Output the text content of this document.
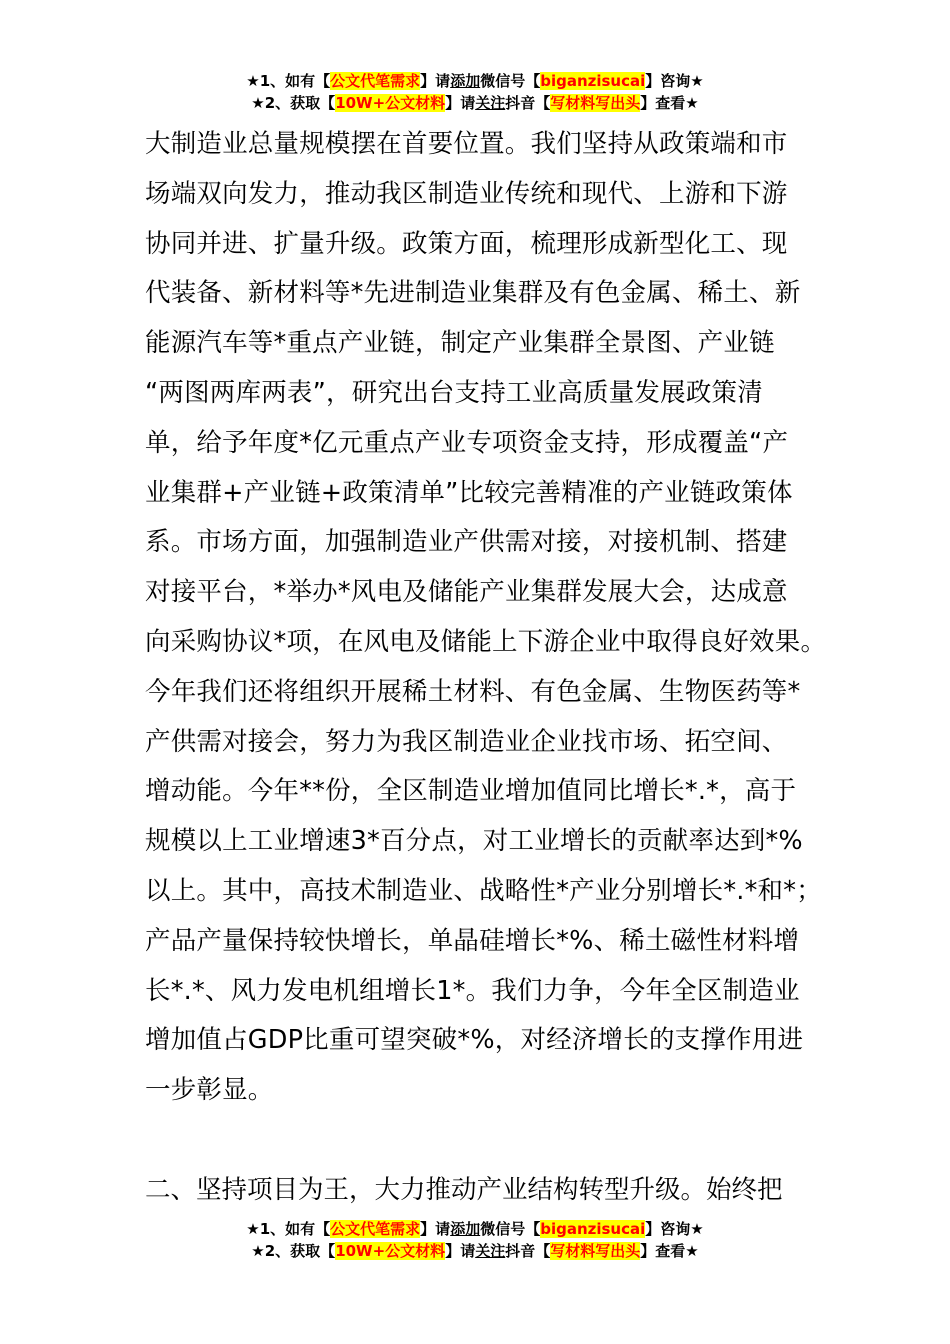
★1、如有【公文代笔需求】请添加微信号【biganzisucai】咨询★
★2、获取【10W+公文材料】请关注抖音【写材料写出头】查看★
大制造业总量规模摆在首要位置。我们坚持从政策端和市
场端双向发力，推动我区制造业传统和现代、上游和下游
协同并进、扩量升级。政策方面，梳理形成新型化工、现
代装备、新材料等*先进制造业集群及有色金属、稀土、新
能源汽车等*重点产业链，制定产业集群全景图、产业链
“两图两库两表”，研究出台支持工业高质量发展政策清
单，给予年度*亿元重点产业专项资金支持，形成覆盖“产
业集群+产业链+政策清单”比较完善精准的产业链政策体
系。市场方面，加强制造业产供需对接，对接机制、搭建
对接平台，*举办*风电及储能产业集群发展大会，达成意
向采购协议*项，在风电及储能上下游企业中取得良好效果。
今年我们还将组织开展稀土材料、有色金属、生物医药等*
产供需对接会，努力为我区制造业企业找市场、拓空间、
增动能。今年**份，全区制造业增加值同比增长*.*，高于
规模以上工业增速3*百分点，对工业增长的贡献率达到*%
以上。其中，高技术制造业、战略性*产业分别增长*.*和*；
产品产量保持较快增长，单晶硅增长*%、稀土磁性材料增
长*.*、风力发电机组增长1*。我们力争，今年全区制造业
增加值占GDP比重可望突破*%，对经济增长的支撑作用进
一步彰显。
二、坚持项目为王，大力推动产业结构转型升级。始终把
★1、如有【公文代笔需求】请添加微信号【biganzisucai】咨询★
★2、获取【10W+公文材料】请关注抖音【写材料写出头】查看★
